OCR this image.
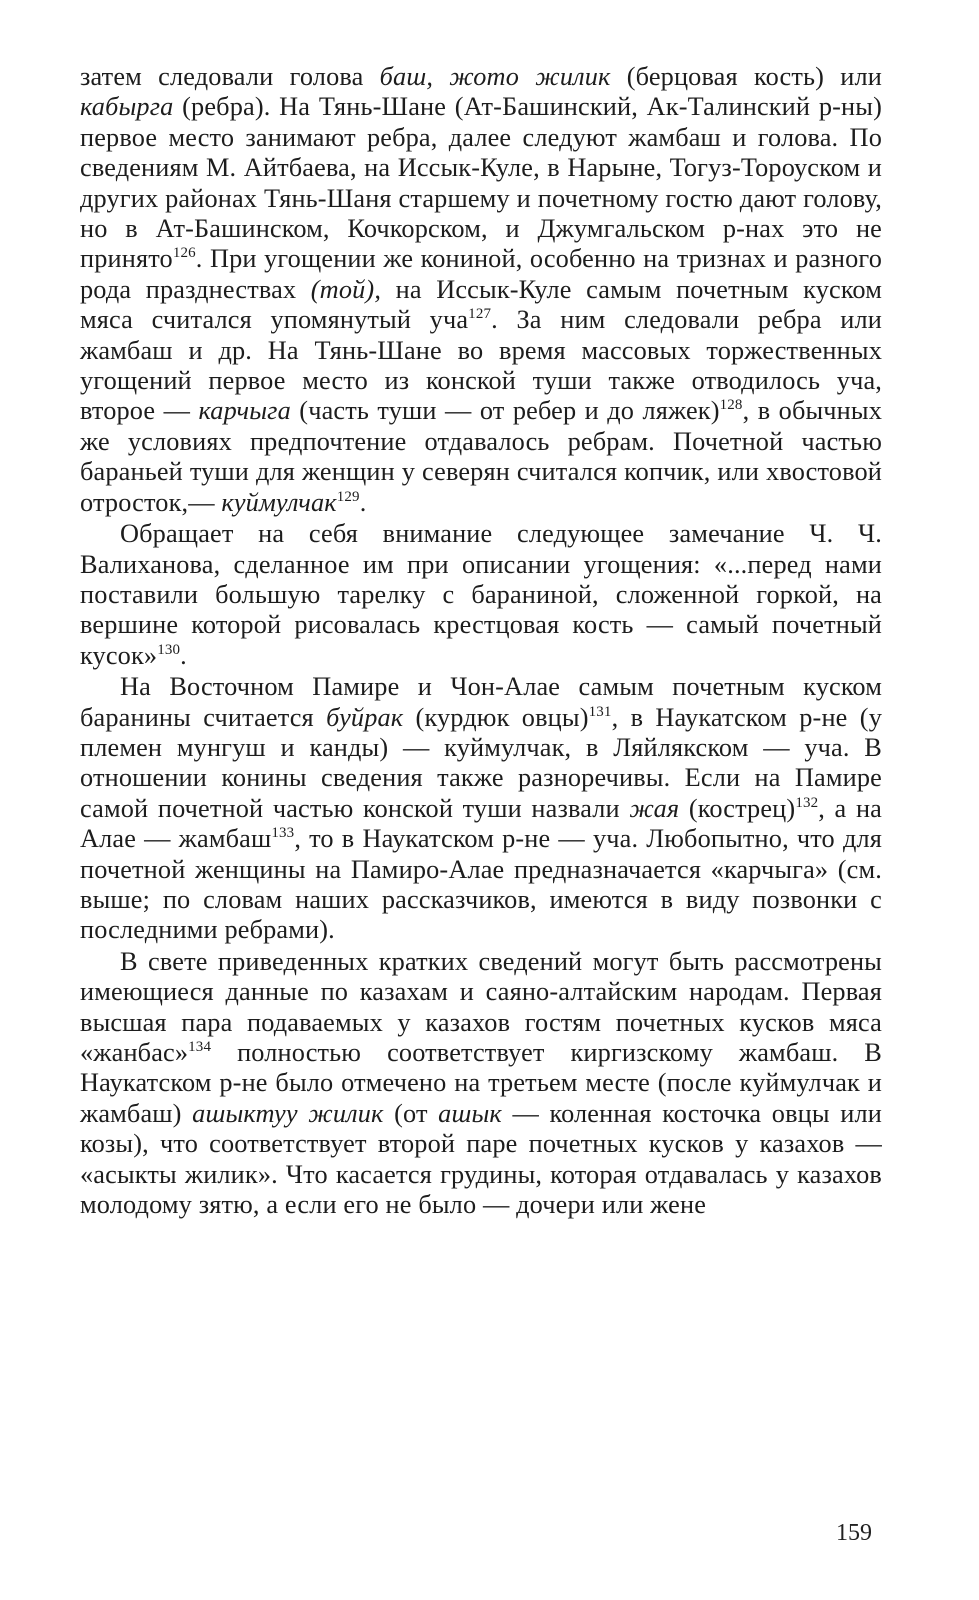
затем следовали голова баш, жото жилик (берцовая кость) или кабырга (ребра). На Тянь-Шане (Ат-Башинский, Ак-Талинский р-ны) первое место занимают ребра, далее следуют жамбаш и голова. По сведениям М. Айтбаева, на Иссык-Куле, в Нарыне, Тогуз-Тороуском и других районах Тянь-Шаня старшему и почетному гостю дают голову, но в Ат-Башинском, Кочкорском, и Джумгальском р-нах это не принято$^{126}$. При угощении же кониной, особенно на тризнах и разного рода празднествах (той), на Иссык-Куле самым почетным куском мяса считался упомянутый уча$^{127}$. За ним следовали ребра или жамбаш и др. На Тянь-Шане во время массовых торжественных угощений первое место из конской туши также отводилось уча, второе — карчыга (часть туши — от ребер и до ляжек)$^{128}$, в обычных же условиях предпочтение отдавалось ребрам. Почетной частью бараньей туши для женщин у северян считался копчик, или хвостовой отросток,— куймулчак$^{129}$.

Обращает на себя внимание следующее замечание Ч. Ч. Валиханова, сделанное им при описании угощения: «...перед нами поставили большую тарелку с бараниной, сложенной горкой, на вершине которой рисовалась крестцовая кость — самый почетный кусок»$^{130}$.

На Восточном Памире и Чон-Алае самым почетным куском баранины считается буйрак (курдюк овцы)$^{131}$, в Наукатском р-не (у племен мунгуш и канды) — куймулчак, в Ляйлякском — уча. В отношении конины сведения также разноречивы. Если на Памире самой почетной частью конской туши назвали жая (кострец)$^{132}$, а на Алае — жамбаш$^{133}$, то в Наукатском р-не — уча. Любопытно, что для почетной женщины на Памиро-Алае предназначается «карчыга» (см. выше; по словам наших рассказчиков, имеются в виду позвонки с последними ребрами).

В свете приведенных кратких сведений могут быть рассмотрены имеющиеся данные по казахам и саяно-алтайским народам. Первая высшая пара подаваемых у казахов гостям почетных кусков мяса «жанбас»$^{134}$ полностью соответствует киргизскому жамбаш. В Наукатском р-не было отмечено на третьем месте (после куймулчак и жамбаш) ашыктуу жилик (от ашык — коленная косточка овцы или козы), что соответствует второй паре почетных кусков у казахов — «асыкты жилик». Что касается грудины, которая отдавалась у казахов молодому зятю, а если его не было — дочери или жене

159
